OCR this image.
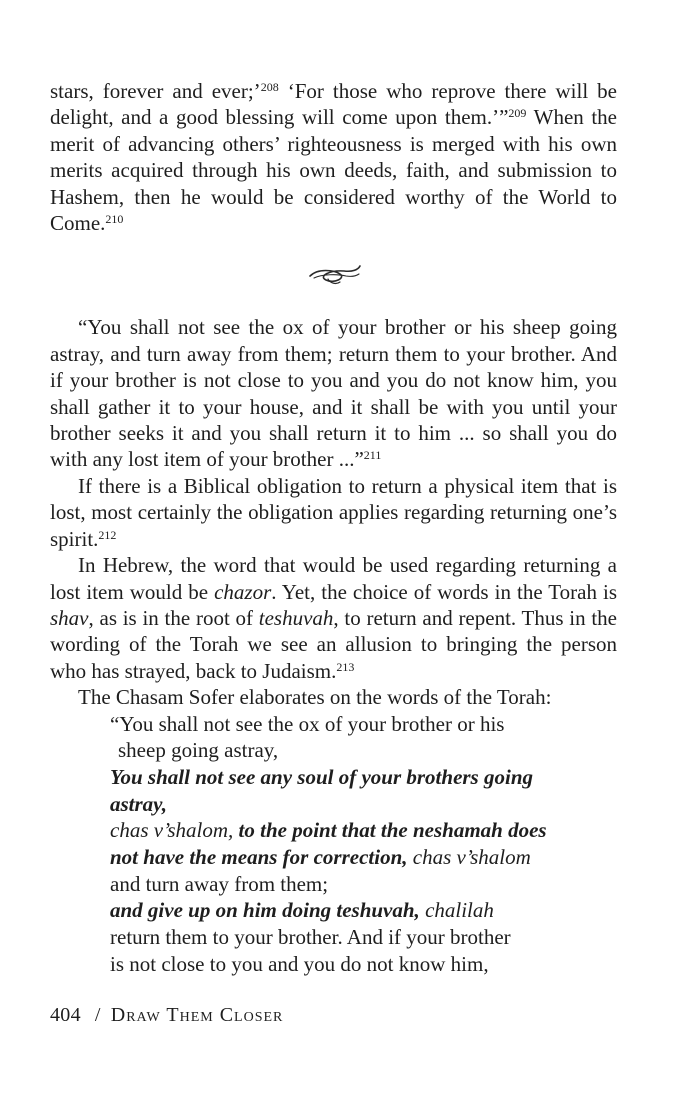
stars, forever and ever;’$^{208}$ ‘For those who reprove there will be delight, and a good blessing will come upon them.’”$^{209}$ When the merit of advancing others’ righteousness is merged with his own merits acquired through his own deeds, faith, and submission to Hashem, then he would be considered worthy of the World to Come.$^{210}$

“You shall not see the ox of your brother or his sheep going astray, and turn away from them; return them to your brother. And if your brother is not close to you and you do not know him, you shall gather it to your house, and it shall be with you until your brother seeks it and you shall return it to him ... so shall you do with any lost item of your brother ...”$^{211}$

If there is a Biblical obligation to return a physical item that is lost, most certainly the obligation applies regarding returning one’s spirit.$^{212}$

In Hebrew, the word that would be used regarding returning a lost item would be chazor. Yet, the choice of words in the Torah is shav, as is in the root of teshuvah, to return and repent. Thus in the wording of the Torah we see an allusion to bringing the person who has strayed, back to Judaism.$^{213}$

The Chasam Sofer elaborates on the words of the Torah:

“You shall not see the ox of your brother or his
sheep going astray,
You shall not see any soul of your brothers going
astray,
chas v’shalom, to the point that the neshamah does
not have the means for correction, chas v’shalom
and turn away from them;
and give up on him doing teshuvah, chalilah
return them to your brother. And if your brother
is not close to you and you do not know him,
404 / Draw Them Closer
